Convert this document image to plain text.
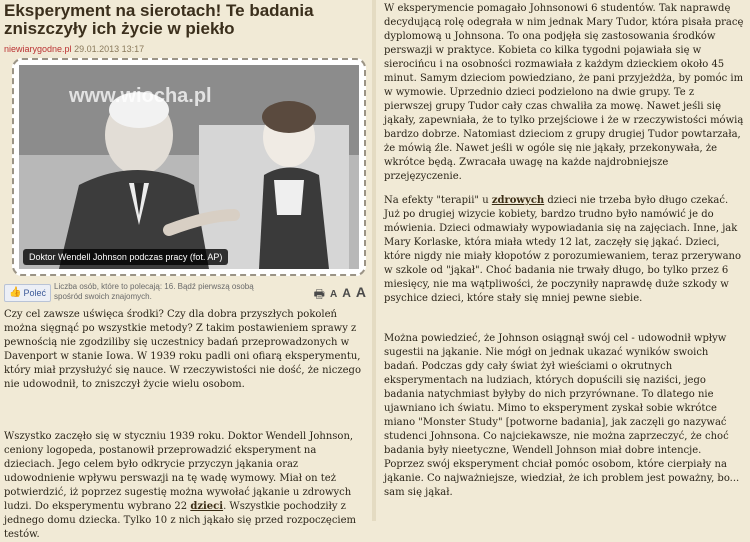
Eksperyment na sierotach! Te badania zniszczyły ich życie w piekło
niewiarygodne.pl 29.01.2013 13:17
www.wiocha.pl
Doktor Wendell Johnson podczas pracy (fot. AP)
👍 Poleć
Liczba osób, które to polecają: 16. Bądź pierwszą osobą spośród swoich znajomych.	🖶 A A A

Czy cel zawsze uświęca środki? Czy dla dobra przyszłych pokoleń można sięgnąć po wszystkie metody? Z takim postawieniem sprawy z pewnością nie zgodziliby się uczestnicy badań przeprowadzonych w Davenport w stanie Iowa. W 1939 roku padli oni ofiarą eksperymentu, który miał przysłużyć się nauce. W rzeczywistości nie dość, że niczego nie udowodnił, to zniszczył życie wielu osobom.

Wszystko zaczęło się w styczniu 1939 roku. Doktor Wendell Johnson, ceniony logopeda, postanowił przeprowadzić eksperyment na dzieciach. Jego celem było odkrycie przyczyn jąkania oraz udowodnienie wpływu perswazji na tę wadę wymowy. Miał on też potwierdzić, iż poprzez sugestię można wywołać jąkanie u zdrowych ludzi. Do eksperymentu wybrano 22 dzieci. Wszystkie pochodziły z jednego domu dziecka. Tylko 10 z nich jąkało się przed rozpoczęciem testów.

W eksperymencie pomagało Johnsonowi 6 studentów. Tak naprawdę decydującą rolę odegrała w nim jednak Mary Tudor, która pisała pracę dyplomową u Johnsona. To ona podjęła się zastosowania środków perswazji w praktyce. Kobieta co kilka tygodni pojawiała się w sierocińcu i na osobności rozmawiała z każdym dzieckiem około 45 minut. Samym dzieciom powiedziano, że pani przyjeżdża, by pomóc im w wymowie. Uprzednio dzieci podzielono na dwie grupy. Te z pierwszej grupy Tudor cały czas chwaliła za mowę. Nawet jeśli się jąkały, zapewniała, że to tylko przejściowe i że w rzeczywistości mówią bardzo dobrze. Natomiast dzieciom z grupy drugiej Tudor powtarzała, że mówią źle. Nawet jeśli w ogóle się nie jąkały, przekonywała, że wkrótce będą. Zwracała uwagę na każde najdrobniejsze przejęzyczenie.

Na efekty "terapii" u zdrowych dzieci nie trzeba było długo czekać. Już po drugiej wizycie kobiety, bardzo trudno było namówić je do mówienia. Dzieci odmawiały wypowiadania się na zajęciach. Inne, jak Mary Korlaske, która miała wtedy 12 lat, zaczęły się jąkać. Dzieci, które nigdy nie miały kłopotów z porozumiewaniem, teraz przerywano w szkole od "jąkał". Choć badania nie trwały długo, bo tylko przez 6 miesięcy, nie ma wątpliwości, że poczyniły naprawdę duże szkody w psychice dzieci, które stały się mniej pewne siebie.

Można powiedzieć, że Johnson osiągnął swój cel - udowodnił wpływ sugestii na jąkanie. Nie mógł on jednak ukazać wyników swoich badań. Podczas gdy cały świat żył wieściami o okrutnych eksperymentach na ludziach, których dopuścili się naziści, jego badania natychmiast byłyby do nich przyrównane. To dlatego nie ujawniano ich światu. Mimo to eksperyment zyskał sobie wkrótce miano "Monster Study" [potworne badania], jak zaczęli go nazywać studenci Johnsona. Co najciekawsze, nie można zaprzeczyć, że choć badania były nieetyczne, Wendell Johnson miał dobre intencje. Poprzez swój eksperyment chciał pomóc osobom, które cierpiały na jąkanie. Co najważniejsze, wiedział, że ich problem jest poważny, bo... sam się jąkał.
